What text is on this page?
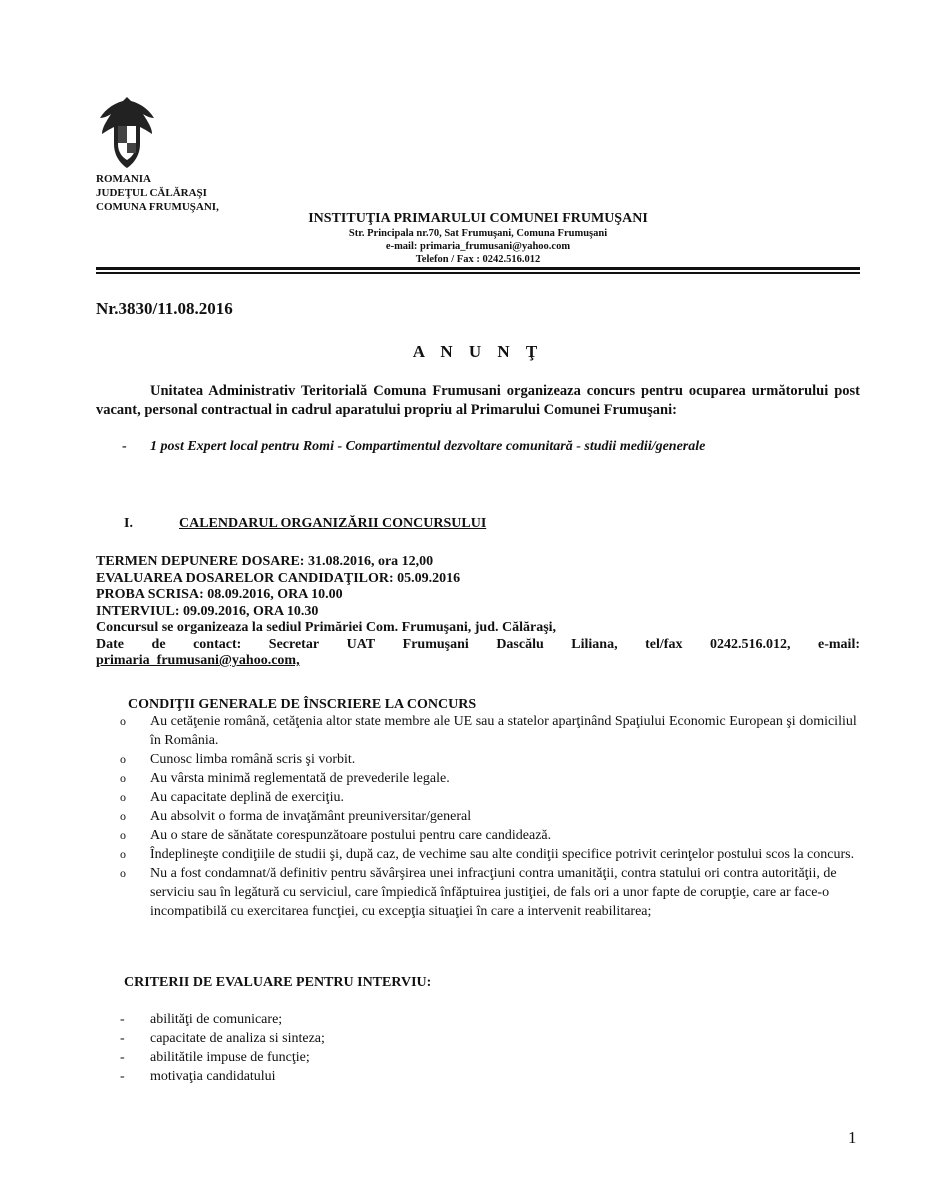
ROMANIA
JUDEŢUL CĂLĂRAŞI
COMUNA FRUMUŞANI,
INSTITUŢIA PRIMARULUI COMUNEI FRUMUŞANI
Str. Principala nr.70, Sat Frumuşani, Comuna Frumuşani
e-mail: primaria_frumusani@yahoo.com
Telefon / Fax : 0242.516.012
Nr.3830/11.08.2016
A N U N Ţ
Unitatea Administrativ Teritorială Comuna Frumusani organizeaza concurs pentru ocuparea următorului post vacant, personal contractual in cadrul aparatului propriu al Primarului Comunei Frumuşani:
- 1 post Expert local pentru Romi - Compartimentul dezvoltare comunitară - studii medii/generale
I.	CALENDARUL ORGANIZĂRII CONCURSULUI
TERMEN DEPUNERE DOSARE: 31.08.2016, ora 12,00
EVALUAREA DOSARELOR CANDIDAŢILOR: 05.09.2016
PROBA SCRISA: 08.09.2016, ORA 10.00
INTERVIUL: 09.09.2016, ORA 10.30
Concursul se organizeaza la sediul Primăriei Com. Frumuşani, jud. Călăraşi,
Date de contact: Secretar UAT Frumuşani Dascălu Liliana, tel/fax 0242.516.012, e-mail:
primaria_frumusani@yahoo.com,
CONDIŢII GENERALE DE ÎNSCRIERE LA CONCURS
o	Au cetăţenie română, cetăţenia altor state membre ale UE sau a statelor aparţinând Spaţiului Economic European şi domiciliul în România.
o	Cunosc limba română scris şi vorbit.
o	Au vârsta minimă reglementată de prevederile legale.
o	Au capacitate deplină de exerciţiu.
o	Au absolvit o forma de invaţământ preuniversitar/general
o	Au o stare de sănătate corespunzătoare postului pentru care candidează.
o	Îndeplineşte condiţiile de studii şi, după caz, de vechime sau alte condiţii specifice potrivit cerinţelor postului scos la concurs.
o	Nu a fost condamnat/ă definitiv pentru săvârşirea unei infracţiuni contra umanităţii, contra statului ori contra autorităţii, de serviciu sau în legătură cu serviciul, care împiedică înfăptuirea justiţiei, de fals ori a unor fapte de corupţie, care ar face-o incompatibilă cu exercitarea funcţiei, cu excepţia situaţiei în care a intervenit reabilitarea;
CRITERII DE EVALUARE PENTRU INTERVIU:
-	abilităţi de comunicare;
-	capacitate de analiza si sinteza;
-	abilitătile impuse de funcţie;
-	motivaţia candidatului
1
